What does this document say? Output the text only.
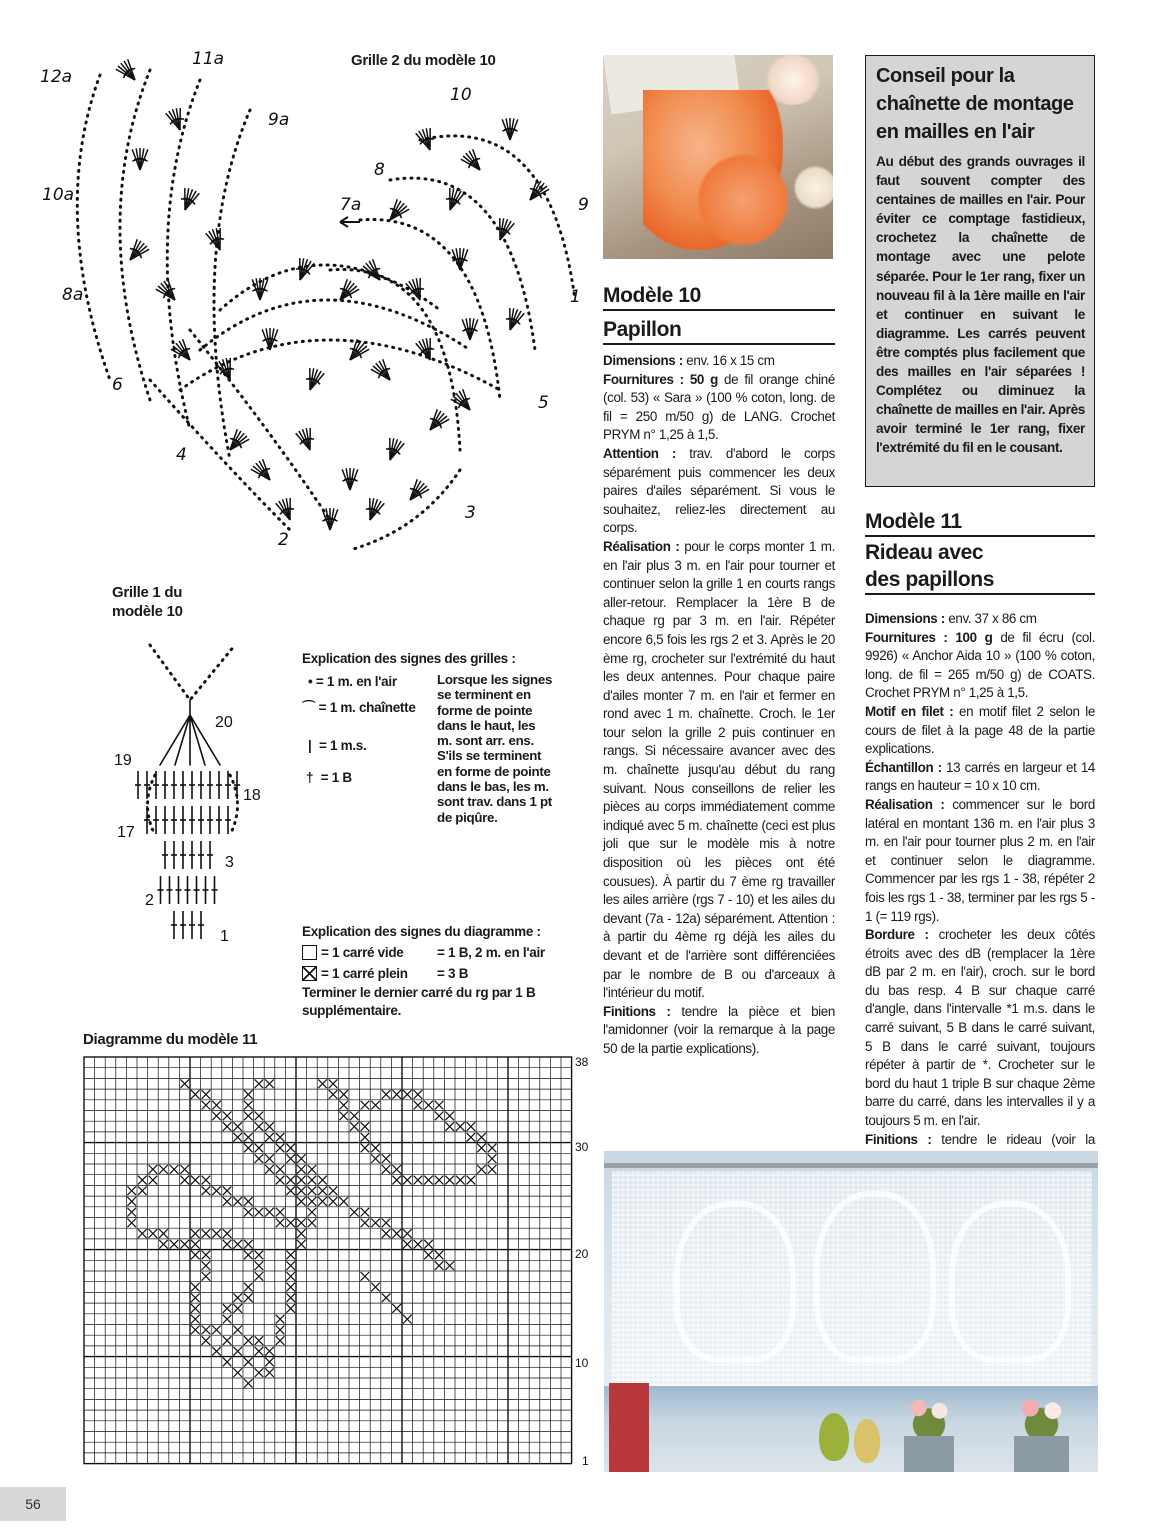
Grille 2 du modèle 10
12a
11a
9a
10a
8a
10
8
7a	9
1
6
5
4
3
2
Grille 1 du
modèle 10
20
19
18
17
3
2
1
Explication des signes des grilles :
• = 1 m. en l'air
⌒ = 1 m. chaînette
| = 1 m.s.
† = 1 B
Lorsque les signes
se terminent en
forme de pointe
dans le haut, les
m. sont arr. ens.
S'ils se terminent
en forme de pointe
dans le bas, les m.
sont trav. dans 1 pt
de piqûre.
Explication des signes du diagramme :
= 1 carré vide	= 1 B, 2 m. en l'air
= 1 carré plein	= 3 B
Terminer le dernier carré du rg par 1 B
supplémentaire.
Diagramme du modèle 11
38
30
20
10
1
Modèle 10
Papillon

Dimensions : env. 16 x 15 cm

Fournitures : 50 g de fil orange chiné (col. 53) « Sara » (100 % coton, long. de fil = 250 m/50 g) de LANG. Crochet PRYM n° 1,25 à 1,5.

Attention : trav. d'abord le corps séparément puis commencer les deux paires d'ailes séparément. Si vous le souhaitez, reliez-les directement au corps.

Réalisation : pour le corps monter 1 m. en l'air plus 3 m. en l'air pour tourner et continuer selon la grille 1 en courts rangs aller-retour. Remplacer la 1ère B de chaque rg par 3 m. en l'air. Répéter encore 6,5 fois les rgs 2 et 3. Après le 20 ème rg, crocheter sur l'extrémité du haut les deux antennes. Pour chaque paire d'ailes monter 7 m. en l'air et fermer en rond avec 1 m. chaînette. Croch. le 1er tour selon la grille 2 puis continuer en rangs. Si nécessaire avancer avec des m. chaînette jusqu'au début du rang suivant. Nous conseillons de relier les pièces au corps immédiatement comme indiqué avec 5 m. chaînette (ceci est plus joli que sur le modèle mis à notre disposition où les pièces ont été cousues). À partir du 7 ème rg travailler les ailes arrière (rgs 7 - 10) et les ailes du devant (7a - 12a) séparément. Attention : à partir du 4ème rg déjà les ailes du devant et de l'arrière sont différenciées par le nombre de B ou d'arceaux à l'intérieur du motif.

Finitions : tendre la pièce et bien l'amidonner (voir la remarque à la page 50 de la partie explications).

Conseil pour la
chaînette de montage
en mailles en l'air
Au début des grands ouvrages il faut souvent compter des centaines de mailles en l'air. Pour éviter ce comptage fastidieux, crochetez la chaînette de montage avec une pelote séparée. Pour le 1er rang, fixer un nouveau fil à la 1ère maille en l'air et continuer en suivant le diagramme. Les carrés peuvent être comptés plus facilement que des mailles en l'air séparées ! Complétez ou diminuez la chaînette de mailles en l'air. Après avoir terminé le 1er rang, fixer l'extrémité du fil en le cousant.
Modèle 11
Rideau avec
des papillons

Dimensions : env. 37 x 86 cm

Fournitures : 100 g de fil écru (col. 9926) « Anchor Aida 10 » (100 % coton, long. de fil = 265 m/50 g) de COATS. Crochet PRYM n° 1,25 à 1,5.

Motif en filet : en motif filet 2 selon le cours de filet à la page 48 de la partie explications.

Échantillon : 13 carrés en largeur et 14 rangs en hauteur = 10 x 10 cm.

Réalisation : commencer sur le bord latéral en montant 136 m. en l'air plus 3 m. en l'air pour tourner plus 2 m. en l'air et continuer selon le diagramme. Commencer par les rgs 1 - 38, répéter 2 fois les rgs 1 - 38, terminer par les rgs 5 - 1 (= 119 rgs).

Bordure : crocheter les deux côtés étroits avec des dB (remplacer la 1ère dB par 2 m. en l'air), croch. sur le bord du bas resp. 4 B sur chaque carré d'angle, dans l'intervalle *1 m.s. dans le carré suivant, 5 B dans le carré suivant, 5 B dans le carré suivant, toujours répéter à partir de *. Crocheter sur le bord du haut 1 triple B sur chaque 2ème barre du carré, dans les intervalles il y a toujours 5 m. en l'air.

Finitions : tendre le rideau (voir la

56
